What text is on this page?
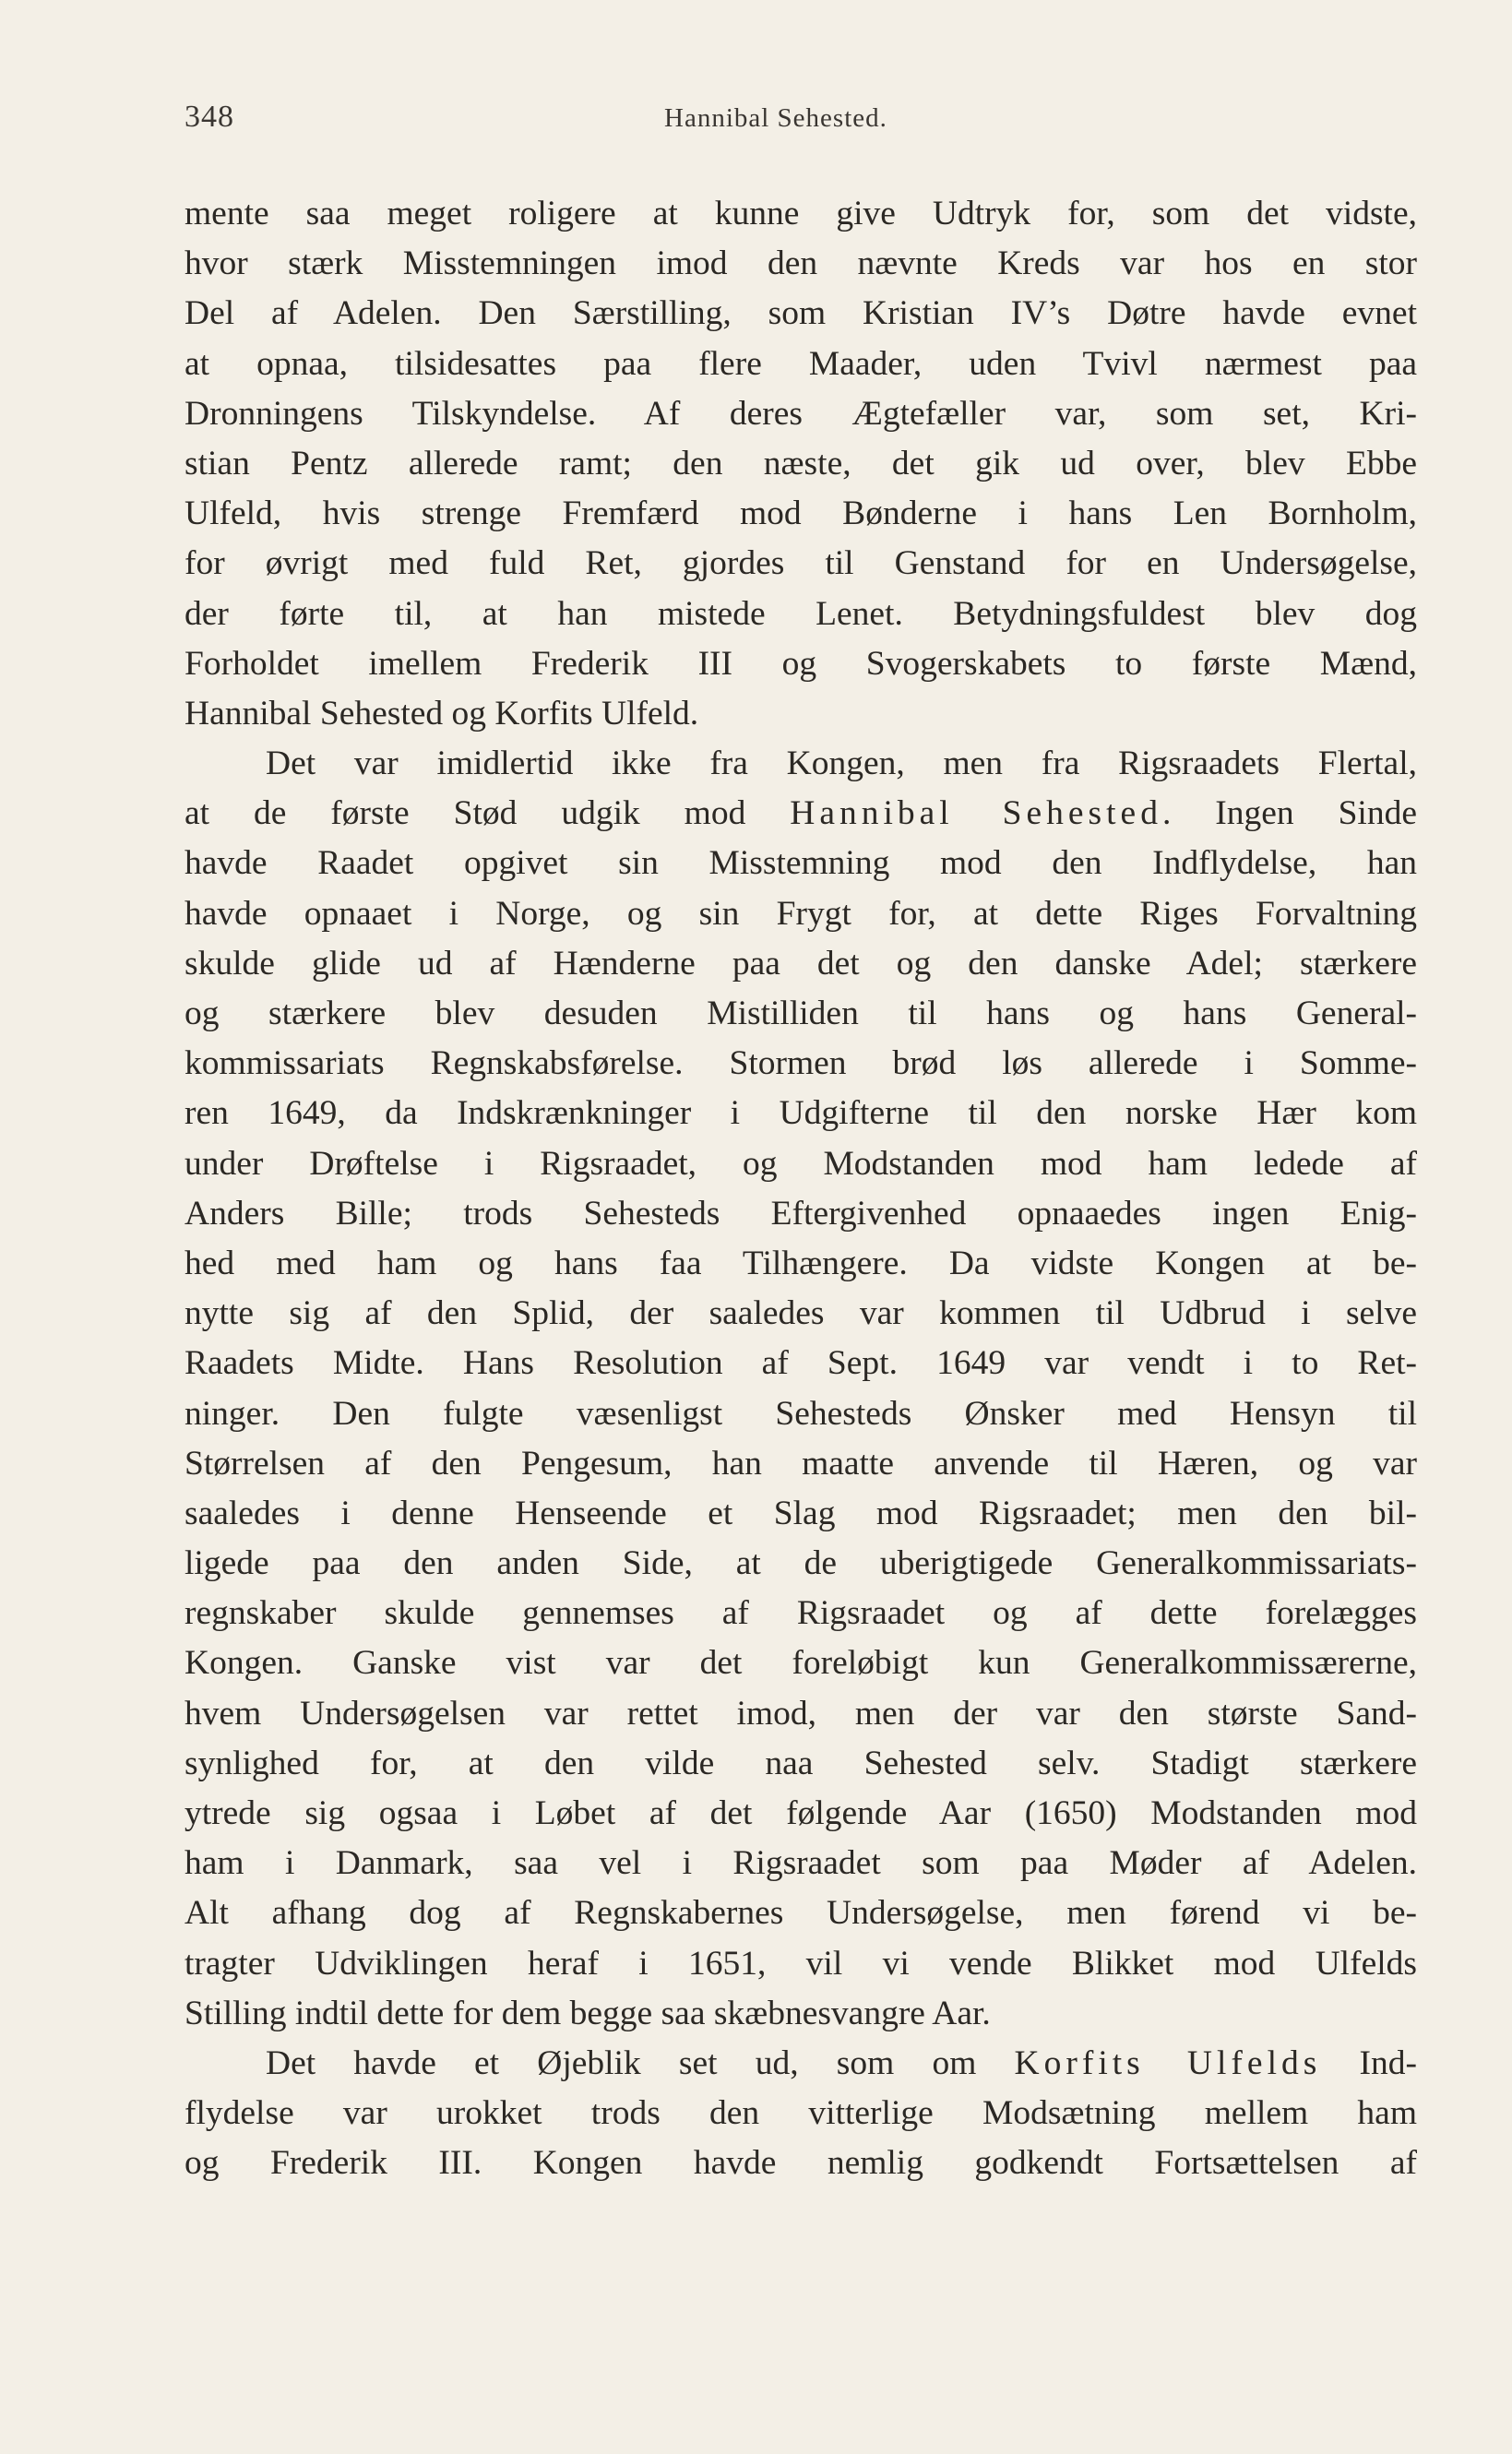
348	Hannibal Sehested.
mente saa meget roligere at kunne give Udtryk for, som det vidste,
hvor stærk Misstemningen imod den nævnte Kreds var hos en stor
Del af Adelen. Den Særstilling, som Kristian IV’s Døtre havde evnet
at opnaa, tilsidesattes paa flere Maader, uden Tvivl nærmest paa
Dronningens Tilskyndelse. Af deres Ægtefæller var, som set, Kri-
stian Pentz allerede ramt; den næste, det gik ud over, blev Ebbe
Ulfeld, hvis strenge Fremfærd mod Bønderne i hans Len Bornholm,
for øvrigt med fuld Ret, gjordes til Genstand for en Undersøgelse,
der førte til, at han mistede Lenet. Betydningsfuldest blev dog
Forholdet imellem Frederik III og Svogerskabets to første Mænd,
Hannibal Sehested og Korfits Ulfeld.
Det var imidlertid ikke fra Kongen, men fra Rigsraadets Flertal,
at de første Stød udgik mod Hannibal Sehested. Ingen Sinde
havde Raadet opgivet sin Misstemning mod den Indflydelse, han
havde opnaaet i Norge, og sin Frygt for, at dette Riges Forvaltning
skulde glide ud af Hænderne paa det og den danske Adel; stærkere
og stærkere blev desuden Mistilliden til hans og hans General-
kommissariats Regnskabsførelse. Stormen brød løs allerede i Somme-
ren 1649, da Indskrænkninger i Udgifterne til den norske Hær kom
under Drøftelse i Rigsraadet, og Modstanden mod ham ledede af
Anders Bille; trods Sehesteds Eftergivenhed opnaaedes ingen Enig-
hed med ham og hans faa Tilhængere. Da vidste Kongen at be-
nytte sig af den Splid, der saaledes var kommen til Udbrud i selve
Raadets Midte. Hans Resolution af Sept. 1649 var vendt i to Ret-
ninger. Den fulgte væsenligst Sehesteds Ønsker med Hensyn til
Størrelsen af den Pengesum, han maatte anvende til Hæren, og var
saaledes i denne Henseende et Slag mod Rigsraadet; men den bil-
ligede paa den anden Side, at de uberigtigede Generalkommissariats-
regnskaber skulde gennemses af Rigsraadet og af dette forelægges
Kongen. Ganske vist var det foreløbigt kun Generalkommissærerne,
hvem Undersøgelsen var rettet imod, men der var den største Sand-
synlighed for, at den vilde naa Sehested selv. Stadigt stærkere
ytrede sig ogsaa i Løbet af det følgende Aar (1650) Modstanden mod
ham i Danmark, saa vel i Rigsraadet som paa Møder af Adelen.
Alt afhang dog af Regnskabernes Undersøgelse, men førend vi be-
tragter Udviklingen heraf i 1651, vil vi vende Blikket mod Ulfelds
Stilling indtil dette for dem begge saa skæbnesvangre Aar.
Det havde et Øjeblik set ud, som om Korfits Ulfelds Ind-
flydelse var urokket trods den vitterlige Modsætning mellem ham
og Frederik III. Kongen havde nemlig godkendt Fortsættelsen af
